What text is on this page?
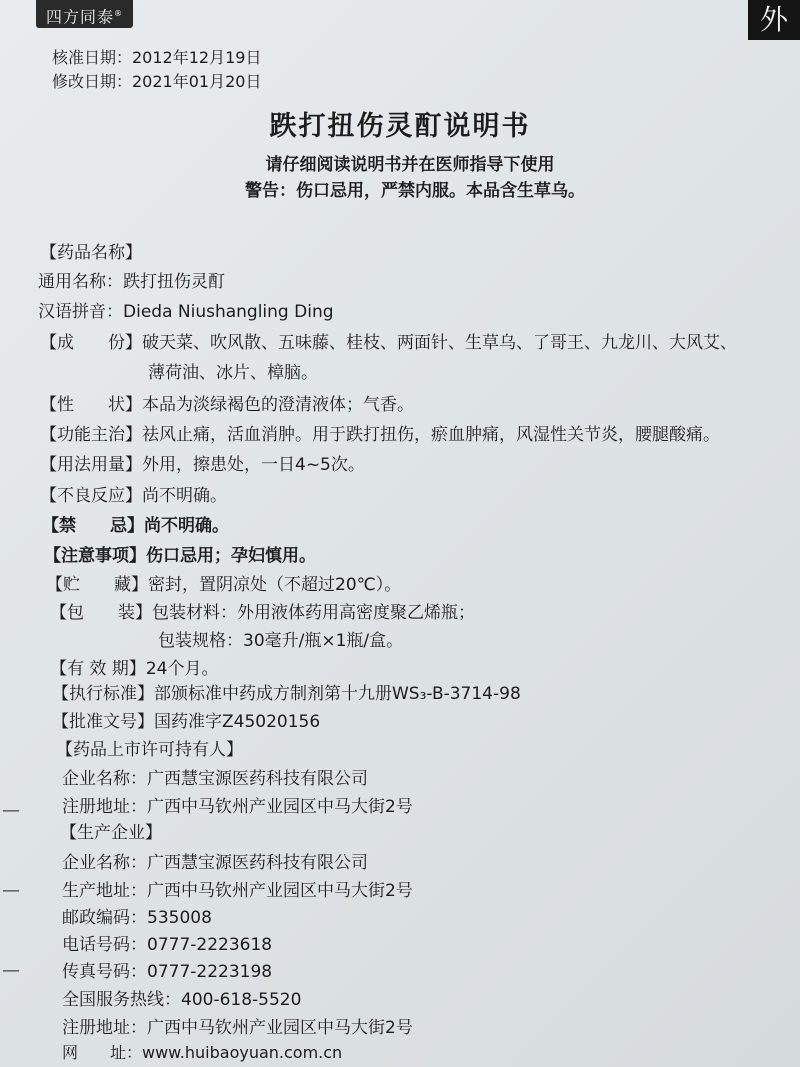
四方同泰®	外
核准日期：2012年12月19日
修改日期：2021年01月20日
跌打扭伤灵酊说明书
请仔细阅读说明书并在医师指导下使用
警告：伤口忌用，严禁内服。本品含生草乌。
【药品名称】
通用名称：跌打扭伤灵酊
汉语拼音：Dieda Niushangling Ding
【成　　份】破天菜、吹风散、五味藤、桂枝、两面针、生草乌、了哥王、九龙川、大风艾、
薄荷油、冰片、樟脑。
【性　　状】本品为淡绿褐色的澄清液体；气香。
【功能主治】祛风止痛，活血消肿。用于跌打扭伤，瘀血肿痛，风湿性关节炎，腰腿酸痛。
【用法用量】外用，擦患处，一日4~5次。
【不良反应】尚不明确。
【禁　　忌】尚不明确。
【注意事项】伤口忌用；孕妇慎用。
【贮　　藏】密封，置阴凉处（不超过20℃）。
【包　　装】包装材料：外用液体药用高密度聚乙烯瓶；
包装规格：30毫升/瓶×1瓶/盒。
【有 效 期】24个月。
【执行标准】部颁标准中药成方制剂第十九册WS₃-B-3714-98
【批准文号】国药准字Z45020156
【药品上市许可持有人】
企业名称：广西慧宝源医药科技有限公司
注册地址：广西中马钦州产业园区中马大街2号
【生产企业】
企业名称：广西慧宝源医药科技有限公司
生产地址：广西中马钦州产业园区中马大街2号
邮政编码：535008
电话号码：0777-2223618
传真号码：0777-2223198
全国服务热线：400-618-5520
注册地址：广西中马钦州产业园区中马大街2号
网　　址：www.huibaoyuan.com.cn
—
—
—
